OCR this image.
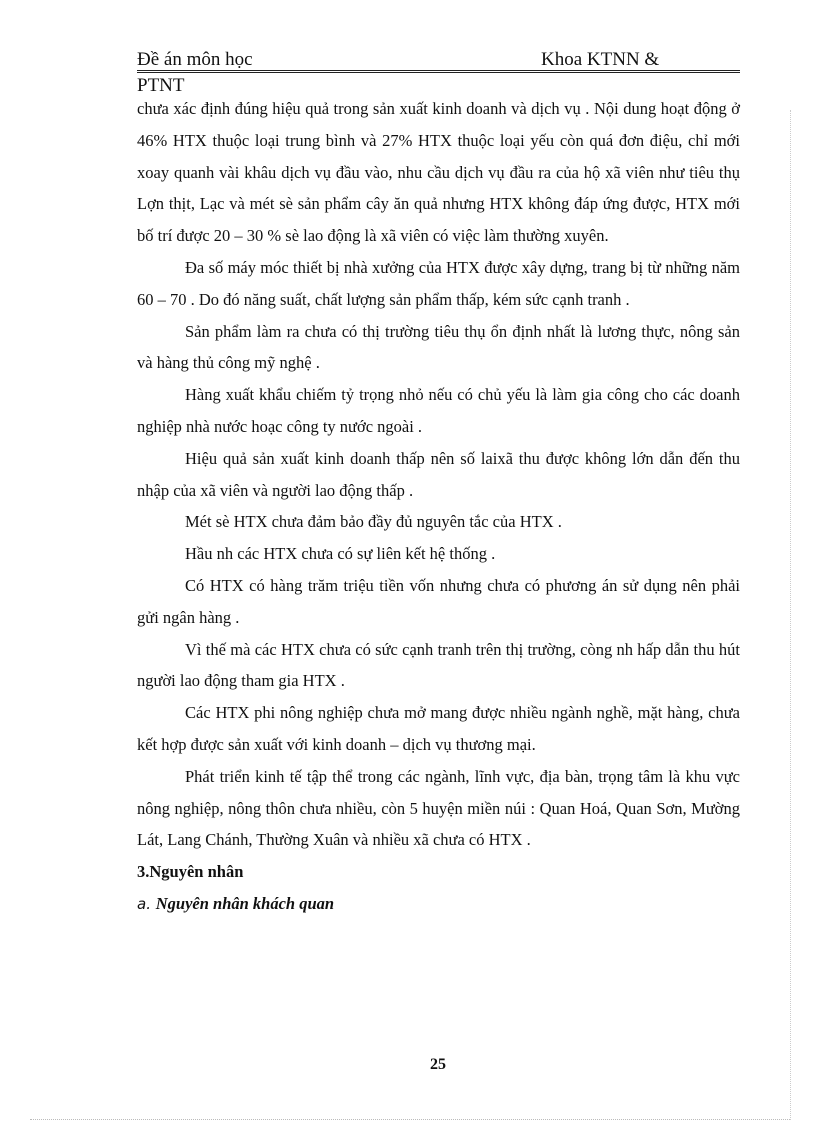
Đề án môn học	Khoa KTNN &
PTNT

chưa xác định đúng hiệu quả trong sản xuất kinh doanh và dịch vụ . Nội dung hoạt động ở 46% HTX thuộc loại trung bình và 27% HTX thuộc loại yếu còn quá đơn điệu, chỉ mới xoay quanh vài khâu dịch vụ đầu vào, nhu cầu dịch vụ đầu ra của hộ xã viên như tiêu thụ Lợn thịt, Lạc và mét sè sản phẩm cây ăn quả nhưng HTX không đáp ứng được, HTX mới bố trí được 20 – 30 % sè lao động là xã viên có việc làm thường xuyên.

Đa số máy móc thiết bị nhà xưởng của HTX được xây dựng, trang bị từ những năm 60 – 70 . Do đó năng suất, chất lượng sản phẩm thấp, kém sức cạnh tranh .

Sản phẩm làm ra chưa có thị trường tiêu thụ ổn định nhất là lương thực, nông sản và hàng thủ công mỹ nghệ .

Hàng xuất khẩu chiếm tỷ trọng nhỏ nếu có chủ yếu là làm gia công cho các doanh nghiệp nhà nước hoạc công ty nước ngoài .

Hiệu quả sản xuất kinh doanh thấp nên số laixã thu được không lớn dẫn đến thu nhập của xã viên và người lao động thấp .

Mét sè HTX chưa đảm bảo đầy đủ nguyên tắc của HTX .

Hầu nh các HTX chưa có sự liên kết hệ thống .

Có HTX có hàng trăm triệu tiền vốn nhưng chưa có phương án sử dụng nên phải gửi ngân hàng .

Vì thế mà các HTX chưa có sức cạnh tranh trên thị trường, còng nh hấp dẫn thu hút người lao động tham gia HTX .

Các HTX phi nông nghiệp chưa mở mang được nhiều ngành nghề, mặt hàng, chưa kết hợp được sản xuất với kinh doanh – dịch vụ thương mại.

Phát triển kinh tế tập thể trong các ngành, lĩnh vực, địa bàn, trọng tâm là khu vực nông nghiệp, nông thôn chưa nhiều, còn 5 huyện miền núi : Quan Hoá, Quan Sơn, Mường Lát, Lang Chánh, Thường Xuân và nhiều xã chưa có HTX .

3.Nguyên nhân

a. Nguyên nhân khách quan

25
